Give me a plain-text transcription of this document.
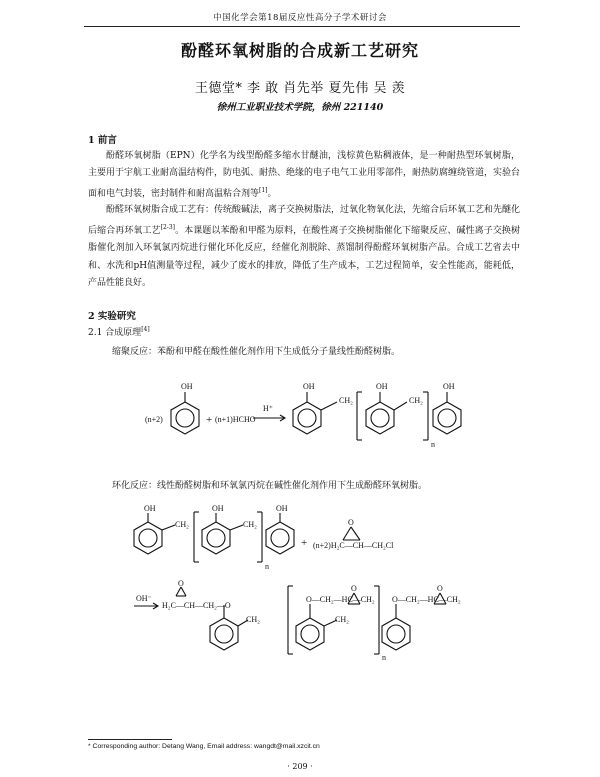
中国化学会第18届反应性高分子学术研讨会
酚醛环氧树脂的合成新工艺研究
王德堂* 李 敢 肖先举 夏先伟 吴 羡
徐州工业职业技术学院，徐州 221140
1 前言
酚醛环氧树脂（EPN）化学名为线型酚醛多缩水甘醚油，浅棕黄色粘稠液体，是一种耐热型环氧树脂，主要用于宇航工业耐高温结构件，防电弧、耐热、绝缘的电子电气工业用零部件，耐热防腐缠绕管道，实验台面和电气封装，密封制件和耐高温粘合剂等[1]。
酚醛环氧树脂合成工艺有：传统酸碱法，离子交换树脂法，过氧化物氧化法，先缩合后环氧工艺和先醚化后缩合再环氧工艺[2-3]。本课题以苯酚和甲醛为原料，在酸性离子交换树脂催化下缩聚反应、碱性离子交换树脂催化剂加入环氧氯丙烷进行催化环化反应，经催化剂脱除、蒸馏制得酚醛环氧树脂产品。合成工艺省去中和、水洗和pH值测量等过程，减少了废水的排放，降低了生产成本，工艺过程简单，安全性能高，能耗低，产品性能良好。
2 实验研究
2.1 合成原理[4]
缩聚反应：苯酚和甲醛在酸性催化剂作用下生成低分子量线性酚醛树脂。
OH
(n+2)	+ (n+1)HCHO
H⁺
OH
CH₂
OH
CH₂
n
OH
环化反应：线性酚醛树脂和环氧氯丙烷在碱性催化剂作用下生成酚醛环氧树脂。
OH
CH₂
OH
CH₂
n
OH
+ (n+2)H₂C—CH—CH₂Cl
O
OH⁻
H₂C—CH—CH₂—O
O
CH₂
O—CH₂—HC—CH₂
O
CH₂
n
O—CH₂—HC—CH₂
O
* Corresponding author: Detang Wang, Email address: wangdt@mail.xzcit.cn
· 209 ·
